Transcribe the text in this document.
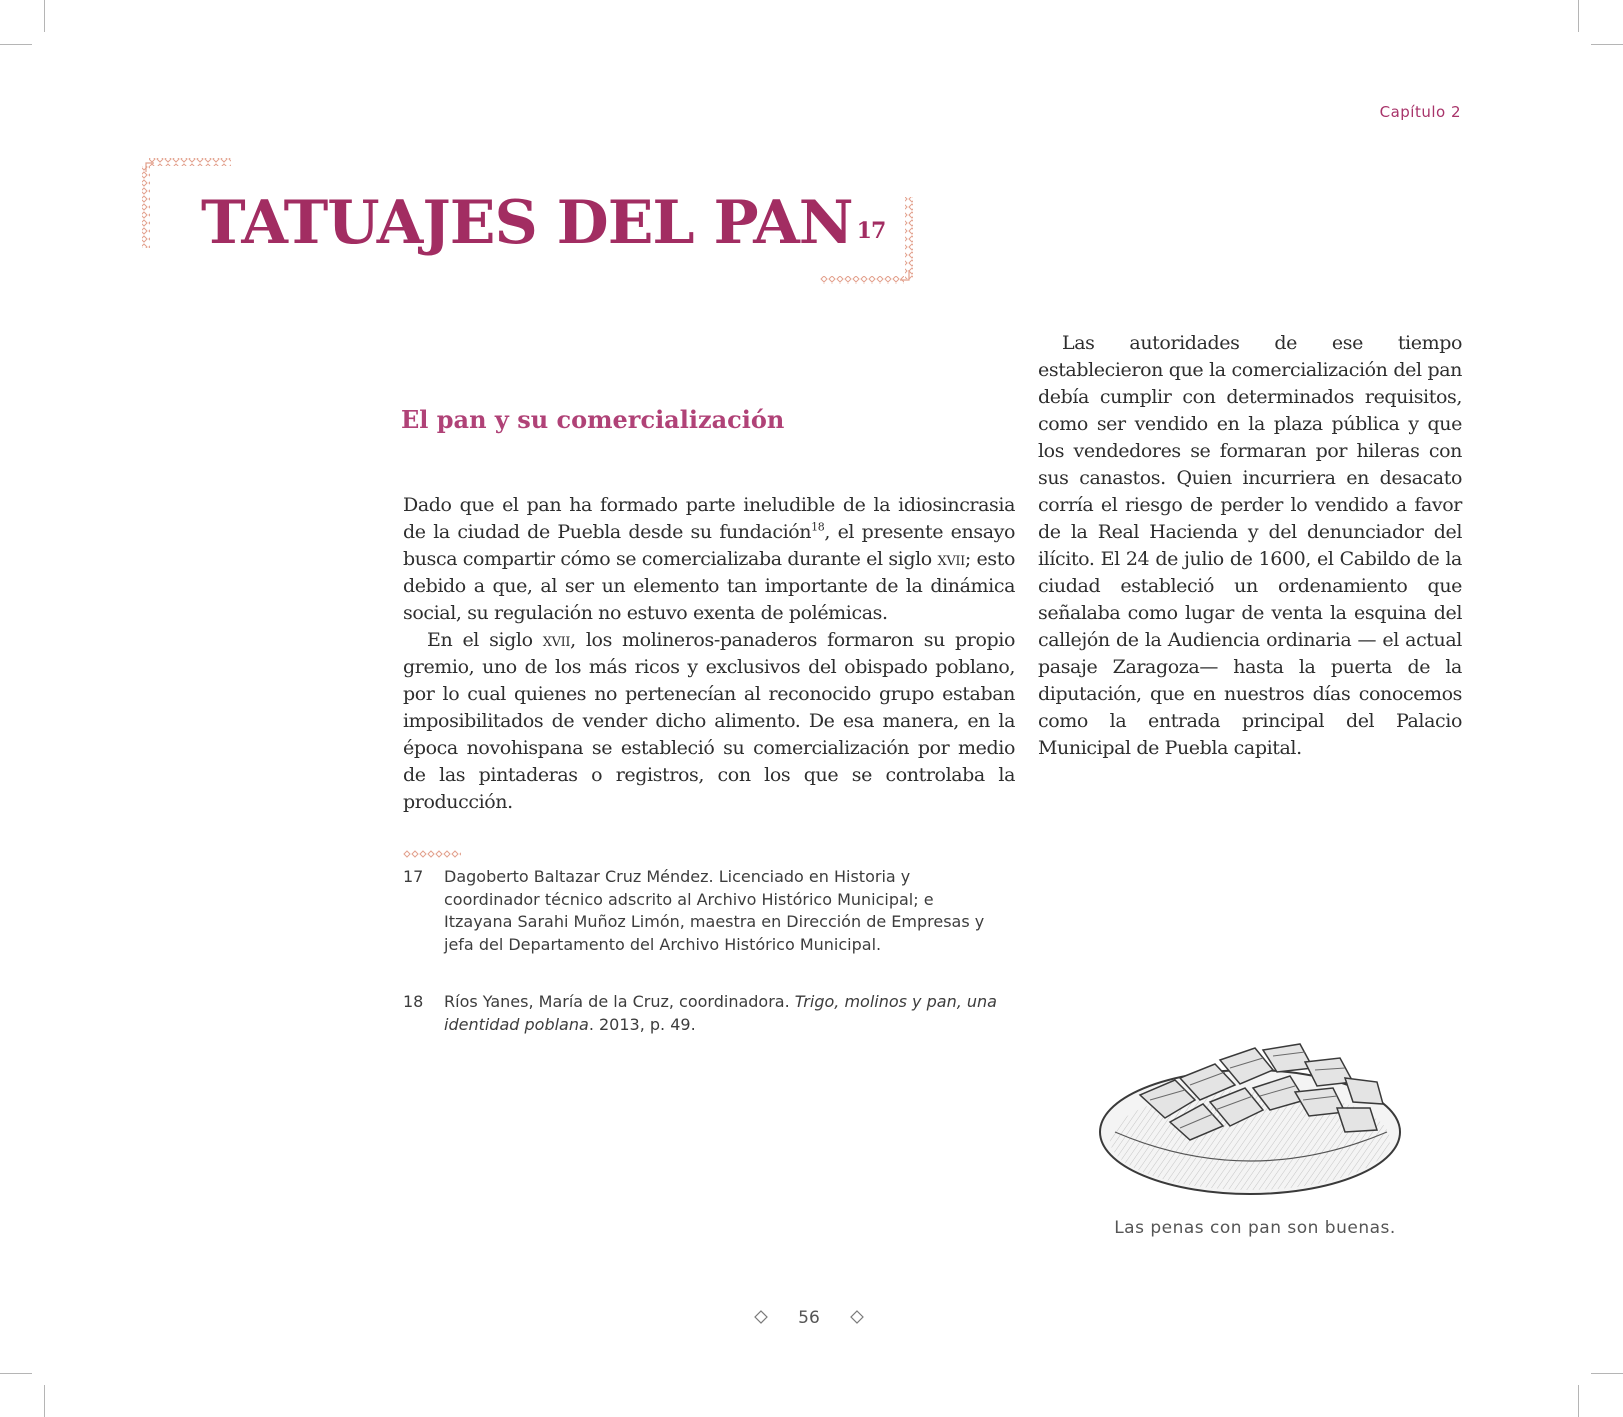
Capítulo 2
TATUAJES DEL PAN $^{17}$
El pan y su comercialización

Dado que el pan ha formado parte ineludible de la idiosincrasia de la ciudad de Puebla desde su fundación$^{18}$, el presente ensayo busca compartir cómo se comercializaba durante el siglo xvii; esto debido a que, al ser un elemento tan importante de la dinámica social, su regulación no estuvo exenta de polémicas.

En el siglo xvii, los molineros-panaderos formaron su propio gremio, uno de los más ricos y exclusivos del obispado poblano, por lo cual quienes no pertenecían al reconocido grupo estaban imposibilitados de vender dicho alimento. De esa manera, en la época novohispana se estableció su comercialización por medio de las pintaderas o registros, con los que se controlaba la producción.

Las autoridades de ese tiempo establecieron que la comercialización del pan debía cumplir con determinados requisitos, como ser vendido en la plaza pública y que los vendedores se formaran por hileras con sus canastos. Quien incurriera en desacato corría el riesgo de perder lo vendido a favor de la Real Hacienda y del denunciador del ilícito. El 24 de julio de 1600, el Cabildo de la ciudad estableció un ordenamiento que señalaba como lugar de venta la esquina del callejón de la Audiencia ordinaria — el actual pasaje Zaragoza— hasta la puerta de la diputación, que en nuestros días conocemos como la entrada principal del Palacio Municipal de Puebla capital.

17 Dagoberto Baltazar Cruz Méndez. Licenciado en Historia y coordinador técnico adscrito al Archivo Histórico Municipal; e Itzayana Sarahi Muñoz Limón, maestra en Dirección de Empresas y jefa del Departamento del Archivo Histórico Municipal.
18 Ríos Yanes, María de la Cruz, coordinadora. Trigo, molinos y pan, una identidad poblana. 2013, p. 49.
Las penas con pan son buenas.
56
